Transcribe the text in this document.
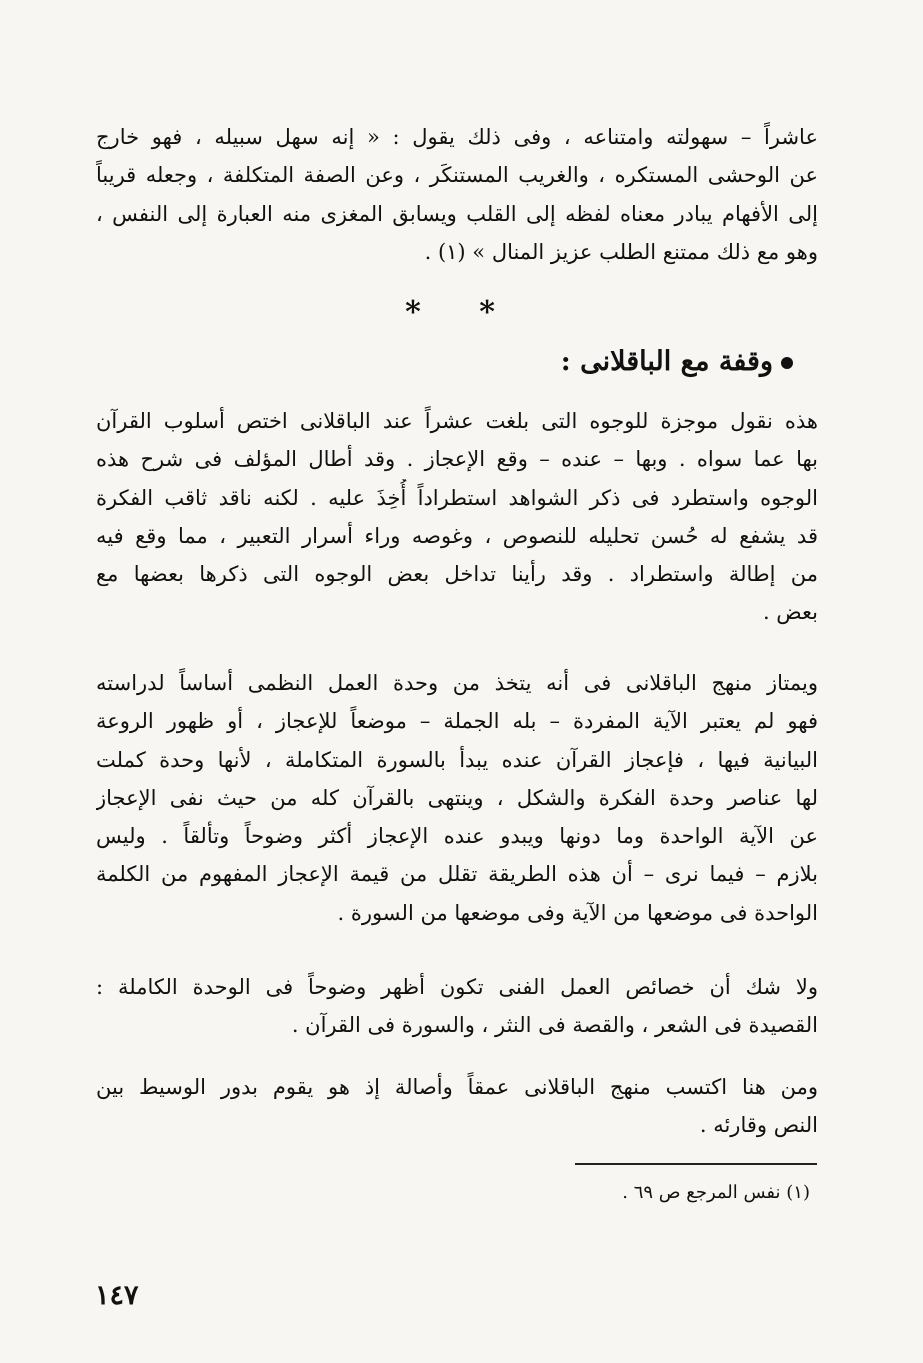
عاشراً – سهولته وامتناعه ، وفى ذلك يقول : « إنه سهل سبيله ، فهو خارج
عن الوحشى المستكره ، والغريب المستنكَر ، وعن الصفة المتكلفة ، وجعله قريباً
إلى الأفهام يبادر معناه لفظه إلى القلب ويسابق المغزى منه العبارة إلى النفس ،
وهو مع ذلك ممتنع الطلب عزيز المنال » (١) .
* *
وقفة مع الباقلانى :
هذه نقول موجزة للوجوه التى بلغت عشراً عند الباقلانى اختص أسلوب القرآن
بها عما سواه . وبها – عنده – وقع الإعجاز . وقد أطال المؤلف فى شرح هذه
الوجوه واستطرد فى ذكر الشواهد استطراداً أُخِذَ عليه . لكنه ناقد ثاقب الفكرة
قد يشفع له حُسن تحليله للنصوص ، وغوصه وراء أسرار التعبير ، مما وقع فيه
من إطالة واستطراد . وقد رأينا تداخل بعض الوجوه التى ذكرها بعضها مع
بعض .
ويمتاز منهج الباقلانى فى أنه يتخذ من وحدة العمل النظمى أساساً لدراسته
فهو لم يعتبر الآية المفردة – بله الجملة – موضعاً للإعجاز ، أو ظهور الروعة
البيانية فيها ، فإعجاز القرآن عنده يبدأ بالسورة المتكاملة ، لأنها وحدة كملت
لها عناصر وحدة الفكرة والشكل ، وينتهى بالقرآن كله من حيث نفى الإعجاز
عن الآية الواحدة وما دونها ويبدو عنده الإعجاز أكثر وضوحاً وتألقاً . وليس
بلازم – فيما نرى – أن هذه الطريقة تقلل من قيمة الإعجاز المفهوم من الكلمة
الواحدة فى موضعها من الآية وفى موضعها من السورة .
ولا شك أن خصائص العمل الفنى تكون أظهر وضوحاً فى الوحدة الكاملة :
القصيدة فى الشعر ، والقصة فى النثر ، والسورة فى القرآن .
ومن هنا اكتسب منهج الباقلانى عمقاً وأصالة إذ هو يقوم بدور الوسيط بين
النص وقارئه .
(١) نفس المرجع ص ٦٩ .
١٤٧
